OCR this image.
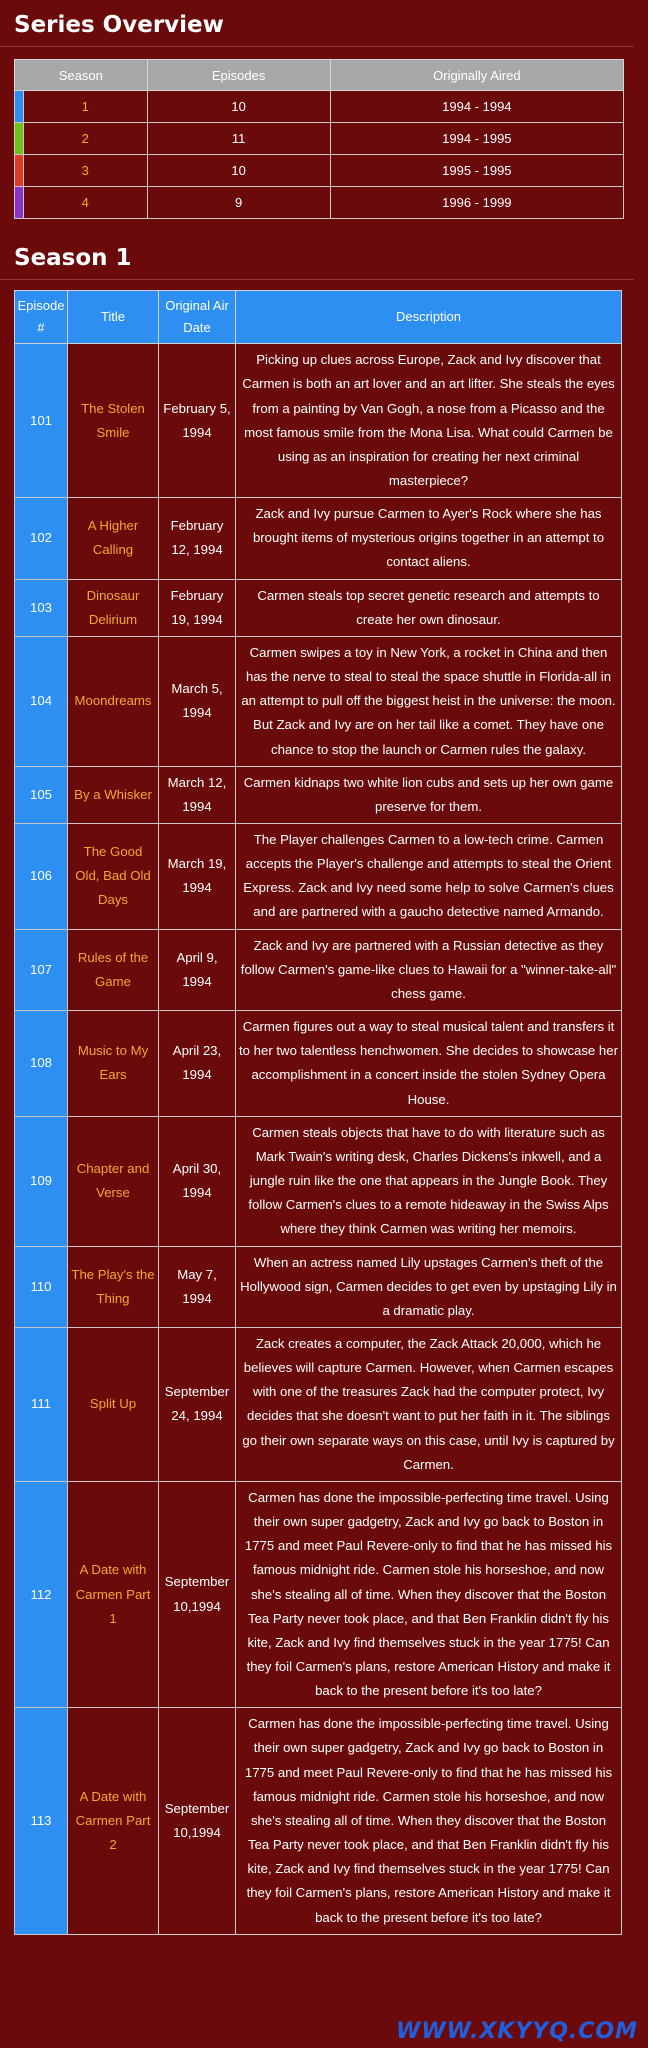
Series Overview
Season		Episodes	Originally Aired
	1	10	1994 - 1994
	2	11	1994 - 1995
	3	10	1995 - 1995
	4	9	1996 - 1999
Season 1
Episode #	Title	Original Air Date	Description
101	The Stolen Smile	February 5, 1994	Picking up clues across Europe, Zack and Ivy discover that Carmen is both an art lover and an art lifter. She steals the eyes from a painting by Van Gogh, a nose from a Picasso and the most famous smile from the Mona Lisa. What could Carmen be using as an inspiration for creating her next criminal masterpiece?
102	A Higher Calling	February 12, 1994	Zack and Ivy pursue Carmen to Ayer's Rock where she has brought items of mysterious origins together in an attempt to contact aliens.
103	Dinosaur Delirium	February 19, 1994	Carmen steals top secret genetic research and attempts to create her own dinosaur.
104	Moondreams	March 5, 1994	Carmen swipes a toy in New York, a rocket in China and then has the nerve to steal to steal the space shuttle in Florida-all in an attempt to pull off the biggest heist in the universe: the moon. But Zack and Ivy are on her tail like a comet. They have one chance to stop the launch or Carmen rules the galaxy.
105	By a Whisker	March 12, 1994	Carmen kidnaps two white lion cubs and sets up her own game preserve for them.
106	The Good Old, Bad Old Days	March 19, 1994	The Player challenges Carmen to a low-tech crime. Carmen accepts the Player's challenge and attempts to steal the Orient Express. Zack and Ivy need some help to solve Carmen's clues and are partnered with a gaucho detective named Armando.
107	Rules of the Game	April 9, 1994	Zack and Ivy are partnered with a Russian detective as they follow Carmen's game-like clues to Hawaii for a "winner-take-all" chess game.
108	Music to My Ears	April 23, 1994	Carmen figures out a way to steal musical talent and transfers it to her two talentless henchwomen. She decides to showcase her accomplishment in a concert inside the stolen Sydney Opera House.
109	Chapter and Verse	April 30, 1994	Carmen steals objects that have to do with literature such as Mark Twain's writing desk, Charles Dickens's inkwell, and a jungle ruin like the one that appears in the Jungle Book. They follow Carmen's clues to a remote hideaway in the Swiss Alps where they think Carmen was writing her memoirs.
110	The Play's the Thing	May 7, 1994	When an actress named Lily upstages Carmen's theft of the Hollywood sign, Carmen decides to get even by upstaging Lily in a dramatic play.
111	Split Up	September 24, 1994	Zack creates a computer, the Zack Attack 20,000, which he believes will capture Carmen. However, when Carmen escapes with one of the treasures Zack had the computer protect, Ivy decides that she doesn't want to put her faith in it. The siblings go their own separate ways on this case, until Ivy is captured by Carmen.
112	A Date with Carmen Part 1	September 10,1994	Carmen has done the impossible-perfecting time travel. Using their own super gadgetry, Zack and Ivy go back to Boston in 1775 and meet Paul Revere-only to find that he has missed his famous midnight ride. Carmen stole his horseshoe, and now she's stealing all of time. When they discover that the Boston Tea Party never took place, and that Ben Franklin didn't fly his kite, Zack and Ivy find themselves stuck in the year 1775! Can they foil Carmen's plans, restore American History and make it back to the present before it's too late?
113	A Date with Carmen Part 2	September 10,1994	Carmen has done the impossible-perfecting time travel. Using their own super gadgetry, Zack and Ivy go back to Boston in 1775 and meet Paul Revere-only to find that he has missed his famous midnight ride. Carmen stole his horseshoe, and now she's stealing all of time. When they discover that the Boston Tea Party never took place, and that Ben Franklin didn't fly his kite, Zack and Ivy find themselves stuck in the year 1775! Can they foil Carmen's plans, restore American History and make it back to the present before it's too late?
WWW.XKYYQ.COM
